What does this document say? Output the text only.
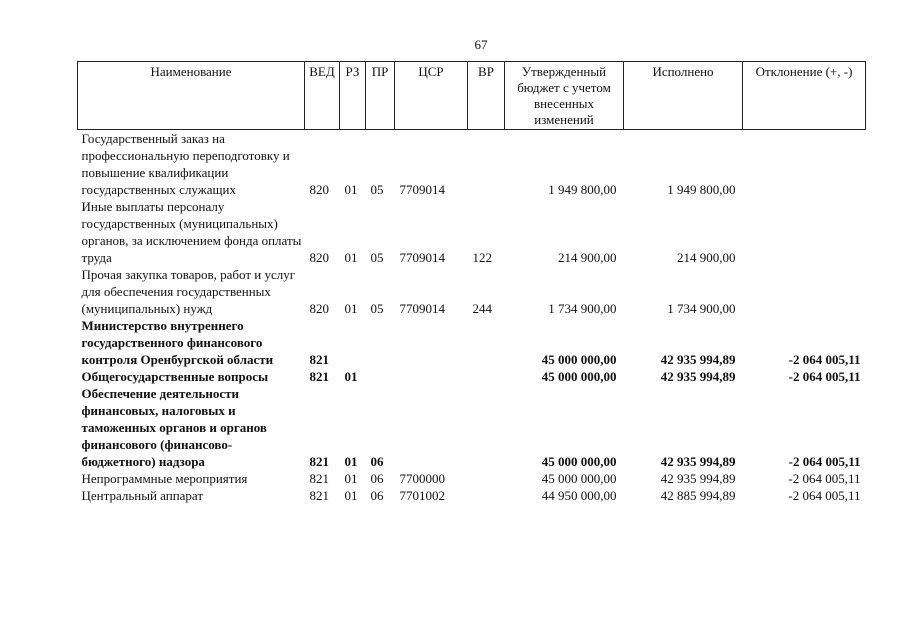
67
Наименование	ВЕД	РЗ	ПР	ЦСР	ВР	Утвержденный бюджет с учетом внесенных изменений	Исполнено	Отклонение (+, -)
Государственный заказ на профессиональную переподготовку и повышение квалификации государственных служащих	820	01	05	7709014		1 949 800,00	1 949 800,00	
Иные выплаты персоналу государственных (муниципальных) органов, за исключением фонда оплаты труда	820	01	05	7709014	122	214 900,00	214 900,00	
Прочая закупка товаров, работ и услуг для обеспечения государственных (муниципальных) нужд	820	01	05	7709014	244	1 734 900,00	1 734 900,00	
Министерство внутреннего государственного финансового контроля Оренбургской области	821					45 000 000,00	42 935 994,89	-2 064 005,11
Общегосударственные вопросы	821	01				45 000 000,00	42 935 994,89	-2 064 005,11
Обеспечение деятельности финансовых, налоговых и таможенных органов и органов финансового (финансово-бюджетного) надзора	821	01	06			45 000 000,00	42 935 994,89	-2 064 005,11
Непрограммные мероприятия	821	01	06	7700000		45 000 000,00	42 935 994,89	-2 064 005,11
Центральный аппарат	821	01	06	7701002		44 950 000,00	42 885 994,89	-2 064 005,11
